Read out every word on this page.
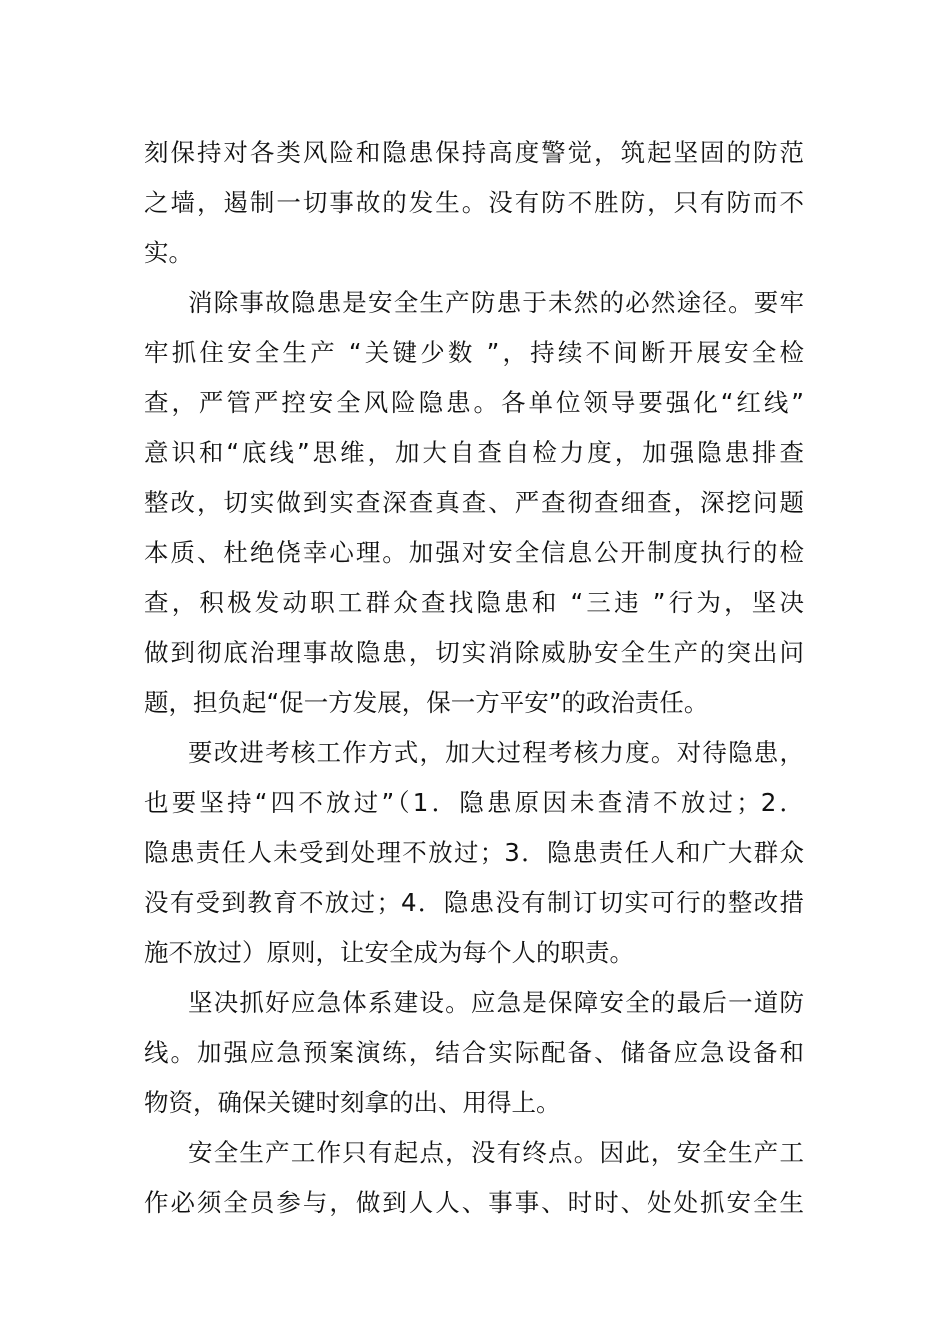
刻保持对各类风险和隐患保持高度警觉，筑起坚固的防范
之墙，遏制一切事故的发生。没有防不胜防，只有防而不
实。
消除事故隐患是安全生产防患于未然的必然途径。要牢
牢抓住安全生产 “关键少数 ”，持续不间断开展安全检
查，严管严控安全风险隐患。各单位领导要强化“红线”
意识和“底线”思维，加大自查自检力度，加强隐患排查
整改，切实做到实查深查真查、严查彻查细查，深挖问题
本质、杜绝侥幸心理。加强对安全信息公开制度执行的检
查，积极发动职工群众查找隐患和 “三违 ”行为，坚决
做到彻底治理事故隐患，切实消除威胁安全生产的突出问
题，担负起“促一方发展，保一方平安”的政治责任。
要改进考核工作方式，加大过程考核力度。对待隐患，
也要坚持“四不放过”（1．隐患原因未查清不放过；2．
隐患责任人未受到处理不放过；3．隐患责任人和广大群众
没有受到教育不放过；4．隐患没有制订切实可行的整改措
施不放过）原则，让安全成为每个人的职责。
坚决抓好应急体系建设。应急是保障安全的最后一道防
线。加强应急预案演练，结合实际配备、储备应急设备和
物资，确保关键时刻拿的出、用得上。
安全生产工作只有起点，没有终点。因此，安全生产工
作必须全员参与，做到人人、事事、时时、处处抓安全生
